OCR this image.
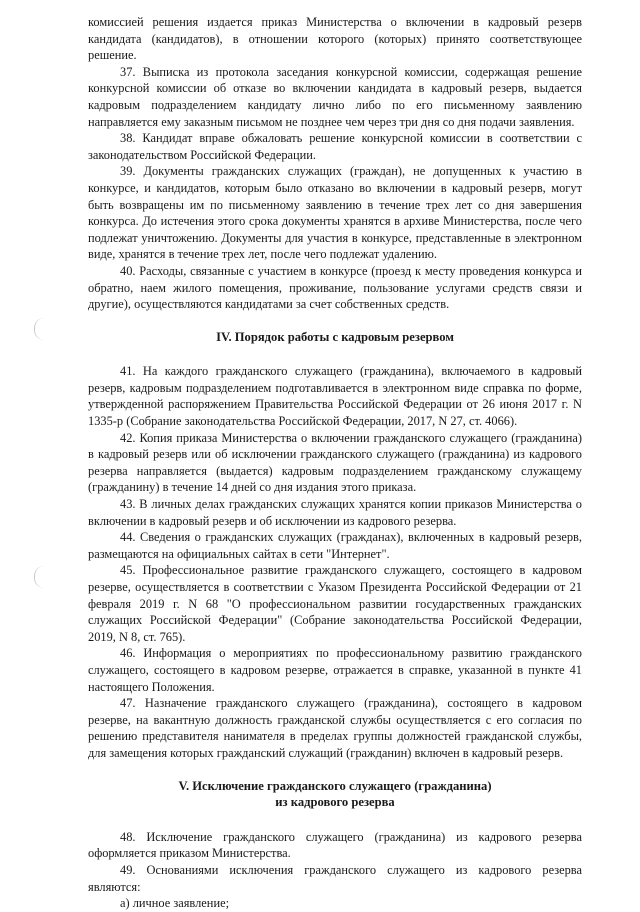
комиссией решения издается приказ Министерства о включении в кадровый резерв кандидата (кандидатов), в отношении которого (которых) принято соответствующее решение.

37. Выписка из протокола заседания конкурсной комиссии, содержащая решение конкурсной комиссии об отказе во включении кандидата в кадровый резерв, выдается кадровым подразделением кандидату лично либо по его письменному заявлению направляется ему заказным письмом не позднее чем через три дня со дня подачи заявления.

38. Кандидат вправе обжаловать решение конкурсной комиссии в соответствии с законодательством Российской Федерации.

39. Документы гражданских служащих (граждан), не допущенных к участию в конкурсе, и кандидатов, которым было отказано во включении в кадровый резерв, могут быть возвращены им по письменному заявлению в течение трех лет со дня завершения конкурса. До истечения этого срока документы хранятся в архиве Министерства, после чего подлежат уничтожению. Документы для участия в конкурсе, представленные в электронном виде, хранятся в течение трех лет, после чего подлежат удалению.

40. Расходы, связанные с участием в конкурсе (проезд к месту проведения конкурса и обратно, наем жилого помещения, проживание, пользование услугами средств связи и другие), осуществляются кандидатами за счет собственных средств.

IV. Порядок работы с кадровым резервом

41. На каждого гражданского служащего (гражданина), включаемого в кадровый резерв, кадровым подразделением подготавливается в электронном виде справка по форме, утвержденной распоряжением Правительства Российской Федерации от 26 июня 2017 г. N 1335-р (Собрание законодательства Российской Федерации, 2017, N 27, ст. 4066).

42. Копия приказа Министерства о включении гражданского служащего (гражданина) в кадровый резерв или об исключении гражданского служащего (гражданина) из кадрового резерва направляется (выдается) кадровым подразделением гражданскому служащему (гражданину) в течение 14 дней со дня издания этого приказа.

43. В личных делах гражданских служащих хранятся копии приказов Министерства о включении в кадровый резерв и об исключении из кадрового резерва.

44. Сведения о гражданских служащих (гражданах), включенных в кадровый резерв, размещаются на официальных сайтах в сети "Интернет".

45. Профессиональное развитие гражданского служащего, состоящего в кадровом резерве, осуществляется в соответствии с Указом Президента Российской Федерации от 21 февраля 2019 г. N 68 "О профессиональном развитии государственных гражданских служащих Российской Федерации" (Собрание законодательства Российской Федерации, 2019, N 8, ст. 765).

46. Информация о мероприятиях по профессиональному развитию гражданского служащего, состоящего в кадровом резерве, отражается в справке, указанной в пункте 41 настоящего Положения.

47. Назначение гражданского служащего (гражданина), состоящего в кадровом резерве, на вакантную должность гражданской службы осуществляется с его согласия по решению представителя нанимателя в пределах группы должностей гражданской службы, для замещения которых гражданский служащий (гражданин) включен в кадровый резерв.

V. Исключение гражданского служащего (гражданина)
из кадрового резерва

48. Исключение гражданского служащего (гражданина) из кадрового резерва оформляется приказом Министерства.

49. Основаниями исключения гражданского служащего из кадрового резерва являются:

а) личное заявление;
